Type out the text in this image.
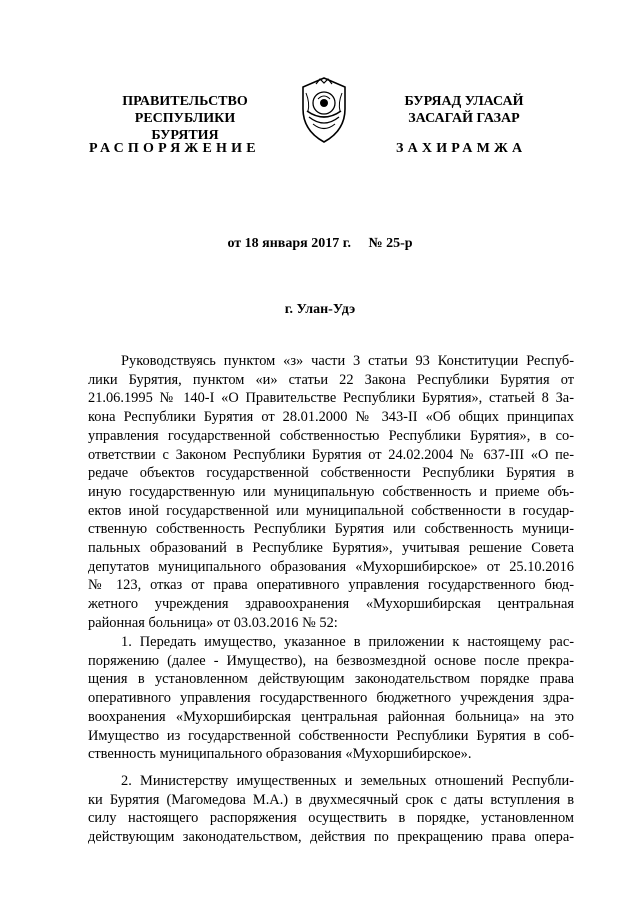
ПРАВИТЕЛЬСТВО
РЕСПУБЛИКИ БУРЯТИЯ
БУРЯАД УЛАСАЙ
ЗАСАГАЙ ГАЗАР
РАСПОРЯЖЕНИЕ	ЗАХИРАМЖА
от 18 января 2017 г. № 25-р
г. Улан-Удэ
Руководствуясь пунктом «з» части 3 статьи 93 Конституции Респуб-
лики Бурятия, пунктом «и» статьи 22 Закона Республики Бурятия от
21.06.1995 № 140-I «О Правительстве Республики Бурятия», статьей 8 За-
кона Республики Бурятия от 28.01.2000 № 343-II «Об общих принципах
управления государственной собственностью Республики Бурятия», в со-
ответствии с Законом Республики Бурятия от 24.02.2004 № 637-III «О пе-
редаче объектов государственной собственности Республики Бурятия в
иную государственную или муниципальную собственность и приеме объ-
ектов иной государственной или муниципальной собственности в государ-
ственную собственность Республики Бурятия или собственность муници-
пальных образований в Республике Бурятия», учитывая решение Совета
депутатов муниципального образования «Мухоршибирское» от 25.10.2016
№ 123, отказ от права оперативного управления государственного бюд-
жетного учреждения здравоохранения «Мухоршибирская центральная
районная больница» от 03.03.2016 № 52:
1. Передать имущество, указанное в приложении к настоящему рас-
поряжению (далее - Имущество), на безвозмездной основе после прекра-
щения в установленном действующим законодательством порядке права
оперативного управления государственного бюджетного учреждения здра-
воохранения «Мухоршибирская центральная районная больница» на это
Имущество из государственной собственности Республики Бурятия в соб-
ственность муниципального образования «Мухоршибирское».
2. Министерству имущественных и земельных отношений Республи-
ки Бурятия (Магомедова М.А.) в двухмесячный срок с даты вступления в
силу настоящего распоряжения осуществить в порядке, установленном
действующим законодательством, действия по прекращению права опера-
